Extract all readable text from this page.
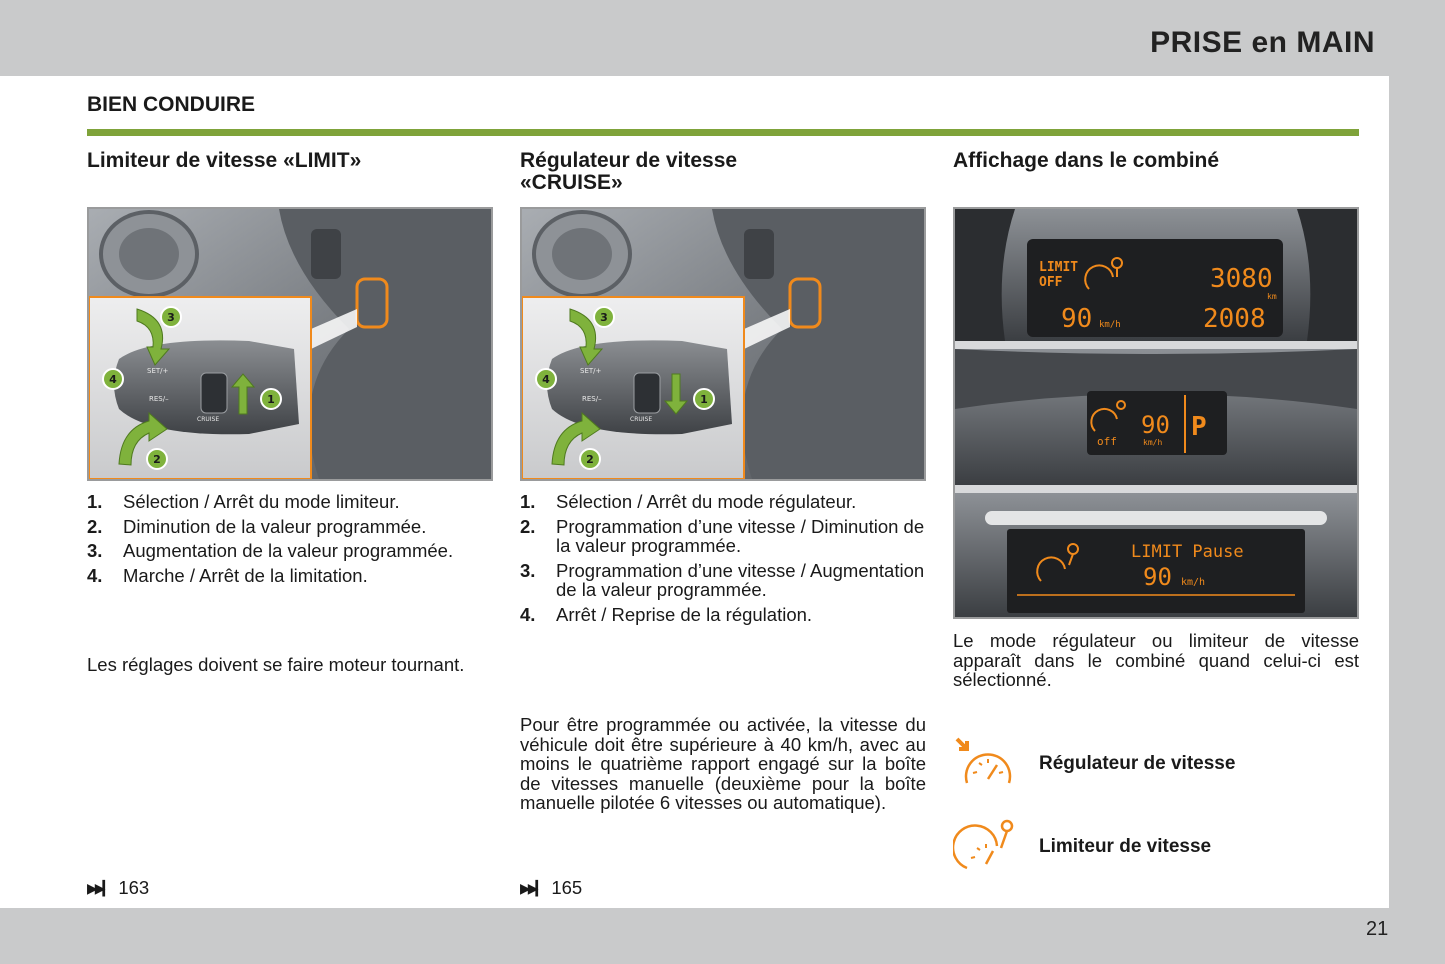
PRISE en MAIN
BIEN CONDUIRE
Limiteur de vitesse «LIMIT»
SET/+
RES/–
CRUISE
1
2
3
4
1.	Sélection / Arrêt du mode limiteur.
2.	Diminution de la valeur programmée.
3.	Augmentation de la valeur programmée.
4.	Marche / Arrêt de la limitation.

Les réglages doivent se faire moteur tournant.

▶▶▎ 163
Régulateur de vitesse
«CRUISE»
SET/+
RES/–
CRUISE
1
2
3
4
1.	Sélection / Arrêt du mode régulateur.
2.	Programmation d’une vitesse / Diminution de la valeur programmée.
3.	Programmation d’une vitesse / Augmentation de la valeur programmée.
4.	Arrêt / Reprise de la régulation.

Pour être programmée ou activée, la vitesse du véhicule doit être supérieure à 40 km/h, avec au moins le quatrième rapport engagé sur la boîte de vitesses manuelle (deuxième pour la boîte manuelle pilotée 6 vitesses ou automatique).

▶▶▎ 165
Affichage dans le combiné
LIMIT
OFF	3080
km
90 km/h	2008
off
90
km/h
P
LIMIT Pause
90 km/h

Le mode régulateur ou limiteur de vitesse apparaît dans le combiné quand celui-ci est sélectionné.

Régulateur de vitesse
Limiteur de vitesse
21
